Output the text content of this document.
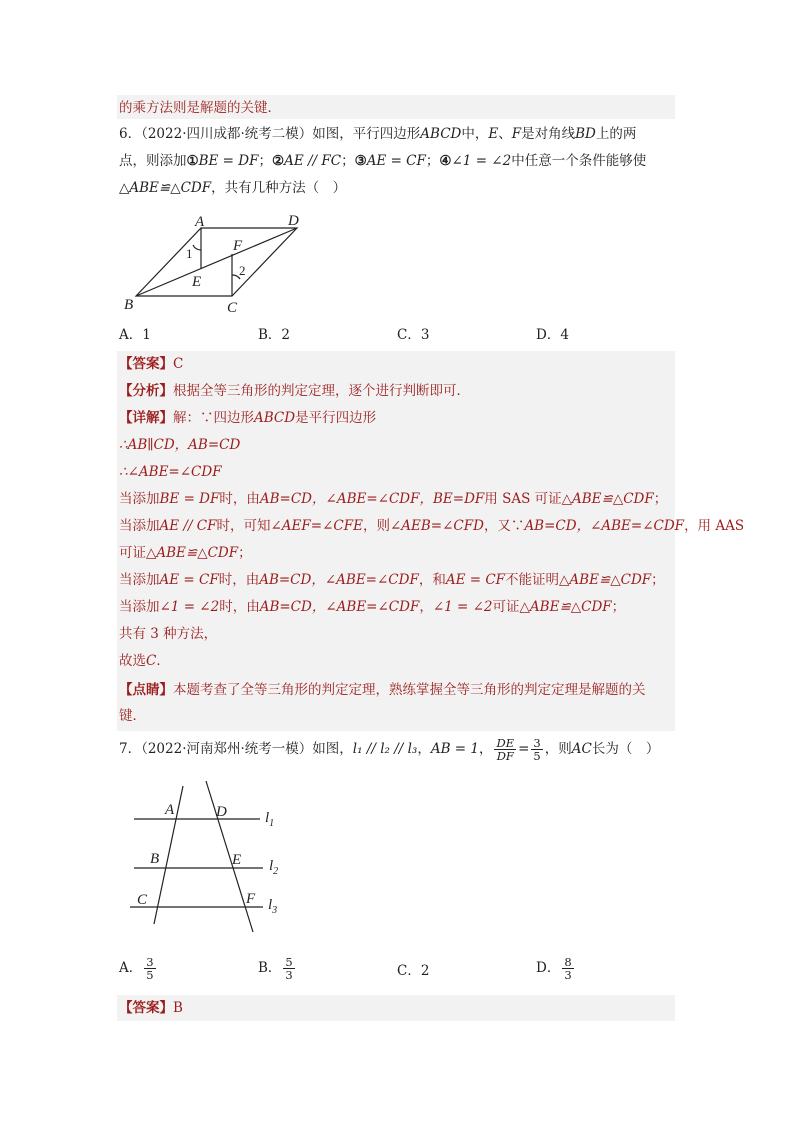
的乘方法则是解题的关键．
6．（2022·四川成都·统考二模）如图，平行四边形ABCD中，E、F是对角线BD上的两
点，则添加①BE = DF；②AE // FC；③AE = CF；④∠1 = ∠2中任意一个条件能够使
△ABE≌△CDF，共有几种方法（　）
A	D
F
E
B	C
1
2
A．1	B．2	C．3	D．4
【答案】C
【分析】根据全等三角形的判定定理，逐个进行判断即可．
【详解】解：∵四边形ABCD是平行四边形
∴AB∥CD，AB=CD
∴∠ABE=∠CDF
当添加BE = DF时，由AB=CD，∠ABE=∠CDF，BE=DF用 SAS 可证△ABE≌△CDF；
当添加AE // CF时，可知∠AEF=∠CFE，则∠AEB=∠CFD，又∵AB=CD，∠ABE=∠CDF，用 AAS
可证△ABE≌△CDF；
当添加AE = CF时，由AB=CD，∠ABE=∠CDF，和AE = CF不能证明△ABE≌△CDF；
当添加∠1 = ∠2时，由AB=CD，∠ABE=∠CDF，∠1 = ∠2可证△ABE≌△CDF；
共有 3 种方法，
故选C．
【点睛】本题考查了全等三角形的判定定理，熟练掌握全等三角形的判定定理是解题的关
键．
7．（2022·河南郑州·统考一模）如图，l₁ // l₂ // l₃，AB = 1， $\frac{DE}{DF} = \frac{3}{5}$ ，则AC长为（　）
A	D
B	E
C	F
$l_1$
$l_2$
$l_3$
A． $\frac{3}{5}$	B． $\frac{5}{3}$	C．2	D． $\frac{8}{3}$
【答案】B
